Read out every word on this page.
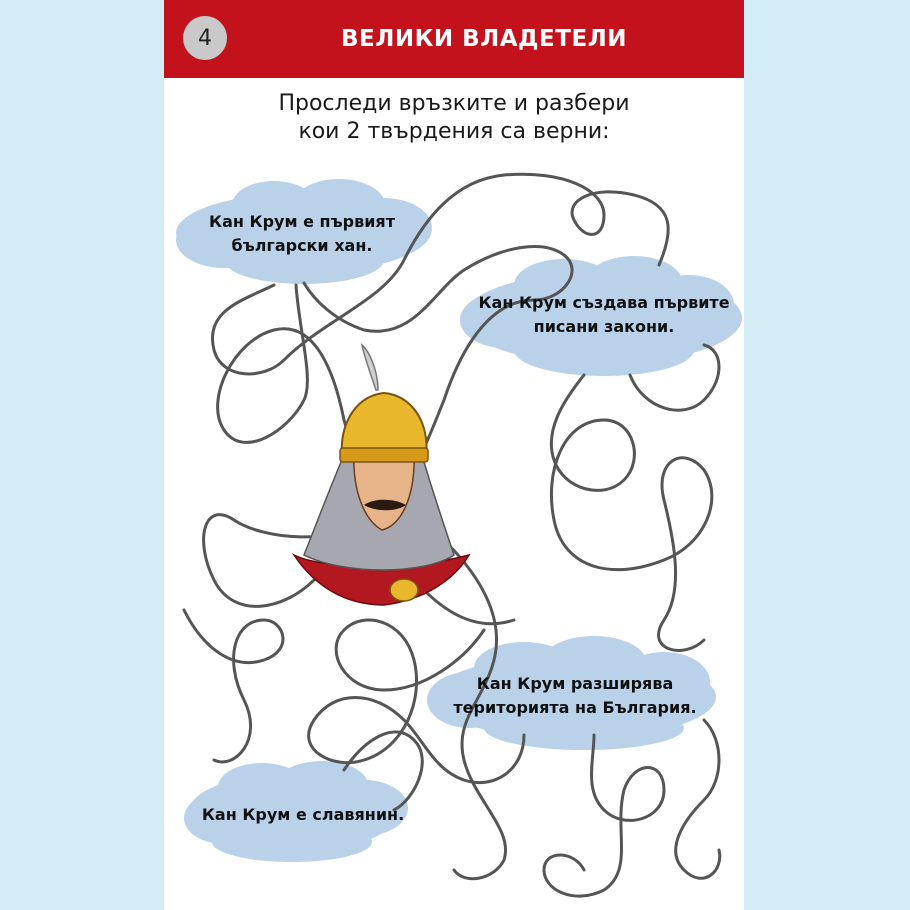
4	ВЕЛИКИ ВЛАДЕТЕЛИ
Проследи връзките и разбери
кои 2 твърдения са верни:
Кан Крум е първият
български хан.
Кан Крум създава първите
писани закони.
Кан Крум разширява
територията на България.
Кан Крум е славянин.
